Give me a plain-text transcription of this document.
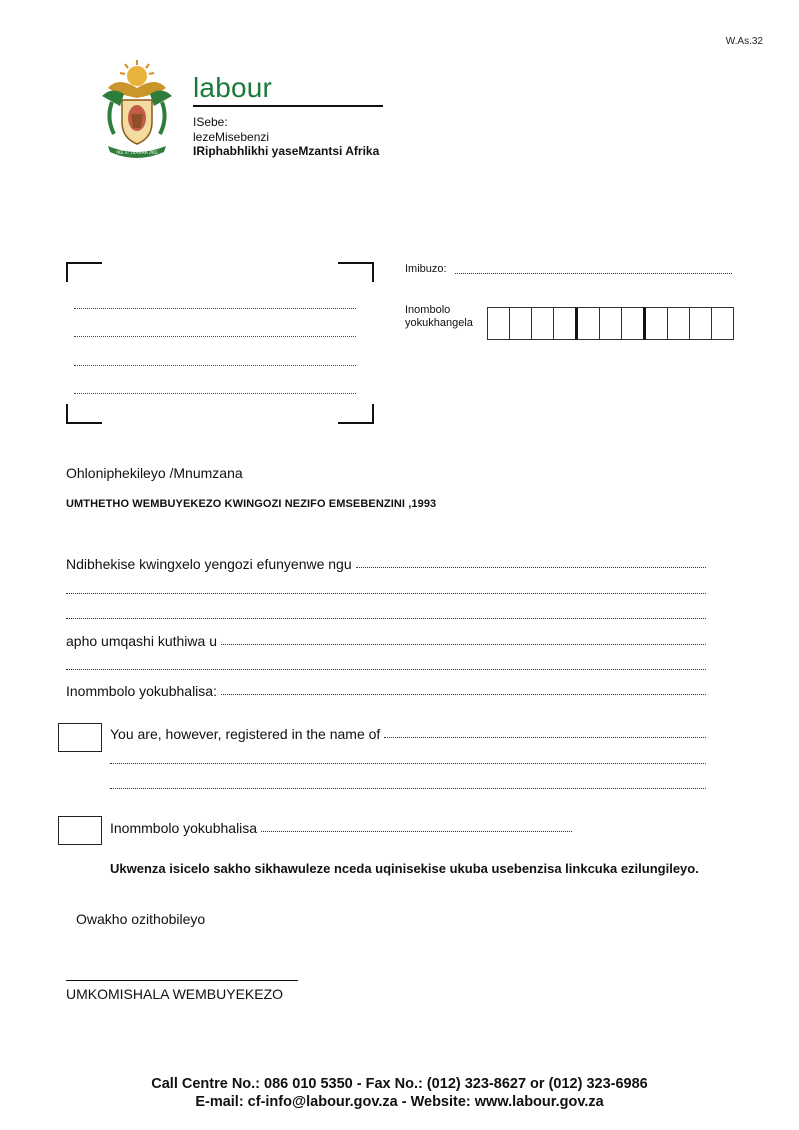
W.As.32
!KE E: /XARRA //KE
labour
ISebe:
lezeMisebenzi
IRiphabhlikhi yaseMzantsi Afrika
Imibuzo:
Inombolo
yokukhangela
Ohloniphekileyo /Mnumzana
UMTHETHO WEMBUYEKEZO KWINGOZI NEZIFO EMSEBENZINI ,1993
Ndibhekise kwingxelo yengozi efunyenwe ngu
apho umqashi kuthiwa u
Inommbolo yokubhalisa:
You are, however, registered in the name of
Inommbolo yokubhalisa
Ukwenza isicelo sakho sikhawuleze nceda uqinisekise ukuba usebenzisa linkcuka ezilungileyo.
Owakho ozithobileyo
UMKOMISHALA WEMBUYEKEZO
Call Centre No.: 086 010 5350 - Fax No.: (012) 323-8627 or (012) 323-6986
E-mail: cf-info@labour.gov.za - Website: www.labour.gov.za
